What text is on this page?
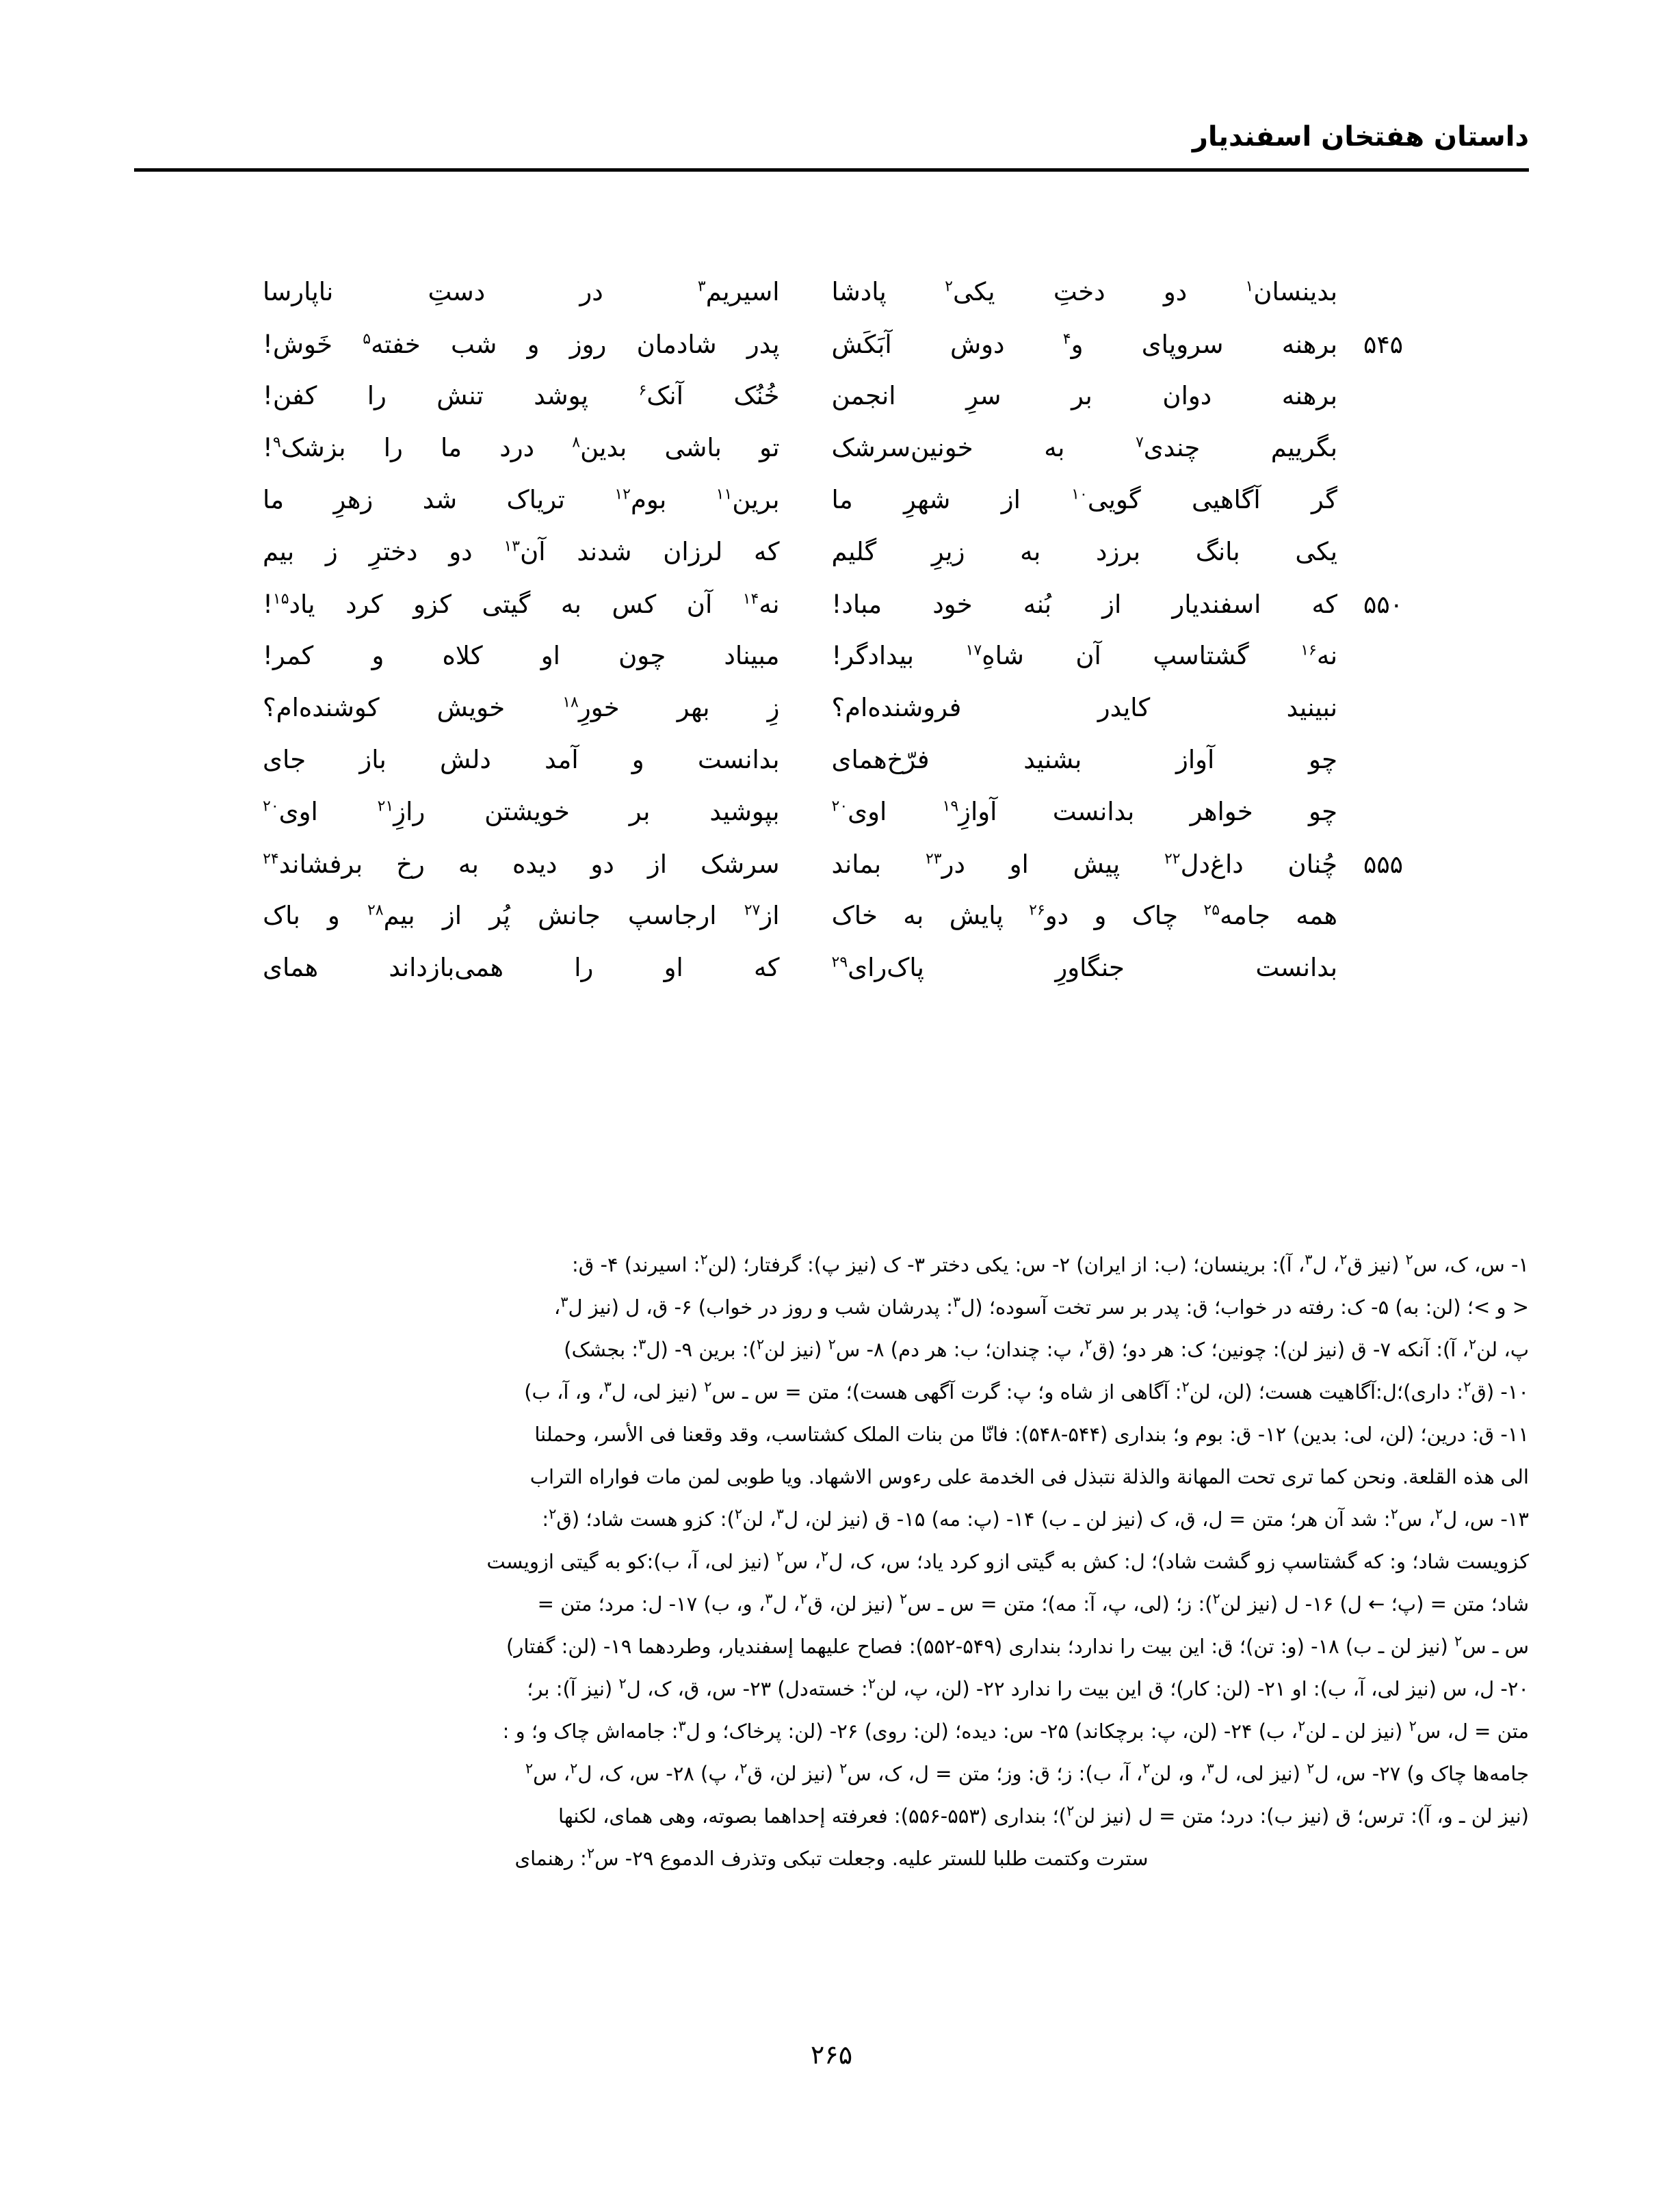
داستان هفتخان اسفندیار
بدینسان$^۱$
دو
دختِ
یکی$^۲$
پادشا
اسیریم$^۳$
در
دستِ
ناپارسا
۵۴۵
برهنه
سروپای
و$^۴$
دوش
آبَکَش
پدر
شادمان
روز
و
شب
خفته$^۵$
خَوش!
برهنه
دوان
بر
سرِ
انجمن
خُنُک
آنک$^۶$
پوشد
تنش
را
کفن!
بگرییم
چندی$^۷$
به
خونین‌سرشک
تو
باشی
بدین$^۸$
درد
ما
را
بزشک$^۹$!
گر
آگاهیی
گویی$^{۱۰}$
از
شهرِ
ما
برین$^{۱۱}$
بوم$^{۱۲}$
تریاک
شد
زهرِ
ما
یکی
بانگ
برزد
به
زیرِ
گلیم
که
لرزان
شدند
آن$^{۱۳}$
دو
دخترِ
ز
بیم
۵۵۰
که
اسفندیار
از
بُنه
خود
مباد!
نه$^{۱۴}$
آن
کس
به
گیتی
کزو
کرد
یاد$^{۱۵}$!
نه$^{۱۶}$
گشتاسپ
آن
شاهِ$^{۱۷}$
بیدادگر!
مبیناد
چون
او
کلاه
و
کمر!
نبینید
کایدر
فروشنده‌ام؟
زِ
بهر
خورِ$^{۱۸}$
خویش
کوشنده‌ام؟
چو
آواز
بشنید
فرّخ‌همای
بدانست
و
آمد
دلش
باز
جای
چو
خواهر
بدانست
آوازِ$^{۱۹}$
اوی$^{۲۰}$
بپوشید
بر
خویشتن
رازِ$^{۲۱}$
اوی$^{۲۰}$
۵۵۵
چُنان
داغ‌دل$^{۲۲}$
پیش
او
در$^{۲۳}$
بماند
سرشک
از
دو
دیده
به
رخ
برفشاند$^{۲۴}$
همه
جامه$^{۲۵}$
چاک
و
دو$^{۲۶}$
پایش
به
خاک
از$^{۲۷}$
ارجاسپ
جانش
پُر
از
بیم$^{۲۸}$
و
باک
بدانست
جنگاورِ
پاک‌رای$^{۲۹}$
که
او
را
همی‌بازداند
همای

۱- س، ک، س$^۲$ (نیز ق$^۲$، ل$^۳$، آ): برینسان؛ (ب: از ایران) ۲- س: یکی دختر ۳- ک (نیز پ): گرفتار؛ (لن$^۲$: اسیرند) ۴- ق:

< و >؛ (لن: به) ۵- ک: رفته در خواب؛ ق: پدر بر سر تخت آسوده؛ (ل$^۳$: پدرشان شب و روز در خواب) ۶- ق، ل (نیز ل$^۳$،

پ، لن$^۲$، آ): آنکه ۷- ق (نیز لن): چونین؛ ک: هر دو؛ (ق$^۲$، پ: چندان؛ ب: هر دم) ۸- س$^۲$ (نیز لن$^۲$): برین ۹- (ل$^۳$: بجشک)

۱۰- (ق$^۲$: داری)؛ل:آگاهیت هست؛ (لن، لن$^۲$: آگاهی از شاه و؛ پ: گرت آگهی هست)؛ متن = س ـ س$^۲$ (نیز لی، ل$^۳$، و، آ، ب)

۱۱- ق: درین؛ (لن، لی: بدین) ۱۲- ق: بوم و؛ بنداری (۵۴۴-۵۴۸): فانّا من بنات الملک کشتاسب، وقد وقعنا فی الأسر، وحملنا

الی هذه القلعة. ونحن کما تری تحت المهانة والذلة نتبذل فی الخدمة علی رءوس الاشهاد. ویا طوبی لمن مات فواراه التراب

۱۳- س، ل$^۲$، س$^۲$: شد آن هر؛ متن = ل، ق، ک (نیز لن ـ ب) ۱۴- (پ: مه) ۱۵- ق (نیز لن، ل$^۳$، لن$^۲$): کزو هست شاد؛ (ق$^۲$:

کزویست شاد؛ و: که گشتاسپ زو گشت شاد)؛ ل: کش به گیتی ازو کرد یاد؛ س، ک، ل$^۲$، س$^۲$ (نیز لی، آ، ب):کو به گیتی ازویست

شاد؛ متن = (پ؛ ← ل) ۱۶- ل (نیز لن$^۲$): ز؛ (لی، پ، آ: مه)؛ متن = س ـ س$^۲$ (نیز لن، ق$^۲$، ل$^۳$، و، ب) ۱۷- ل: مرد؛ متن =

س ـ س$^۲$ (نیز لن ـ ب) ۱۸- (و: تن)؛ ق: این بیت را ندارد؛ بنداری (۵۴۹-۵۵۲): فصاح علیهما إسفندیار، وطردهما ۱۹- (لن: گفتار)

۲۰- ل، س (نیز لی، آ، ب): او ۲۱- (لن: کار)؛ ق این بیت را ندارد ۲۲- (لن، پ، لن$^۲$: خسته‌دل) ۲۳- س، ق، ک، ل$^۲$ (نیز آ): بر؛

متن = ل، س$^۲$ (نیز لن ـ لن$^۲$، ب) ۲۴- (لن، پ: برچکاند) ۲۵- س: دیده؛ (لن: روی) ۲۶- (لن: پرخاک؛ و ل$^۳$: جامه‌اش چاک و؛ و :

جامه‌ها چاک و) ۲۷- س، ل$^۲$ (نیز لی، ل$^۳$، و، لن$^۲$، آ، ب): ز؛ ق: وز؛ متن = ل، ک، س$^۲$ (نیز لن، ق$^۲$، پ) ۲۸- س، ک، ل$^۲$، س$^۲$

(نیز لن ـ و، آ): ترس؛ ق (نیز ب): درد؛ متن = ل (نیز لن$^۲$)؛ بنداری (۵۵۳-۵۵۶): فعرفته إحداهما بصوته، وهی همای، لکنها

سترت وکتمت طلبا للستر علیه. وجعلت تبکی وتذرف الدموع ۲۹- س$^۲$: رهنمای

۲۶۵
